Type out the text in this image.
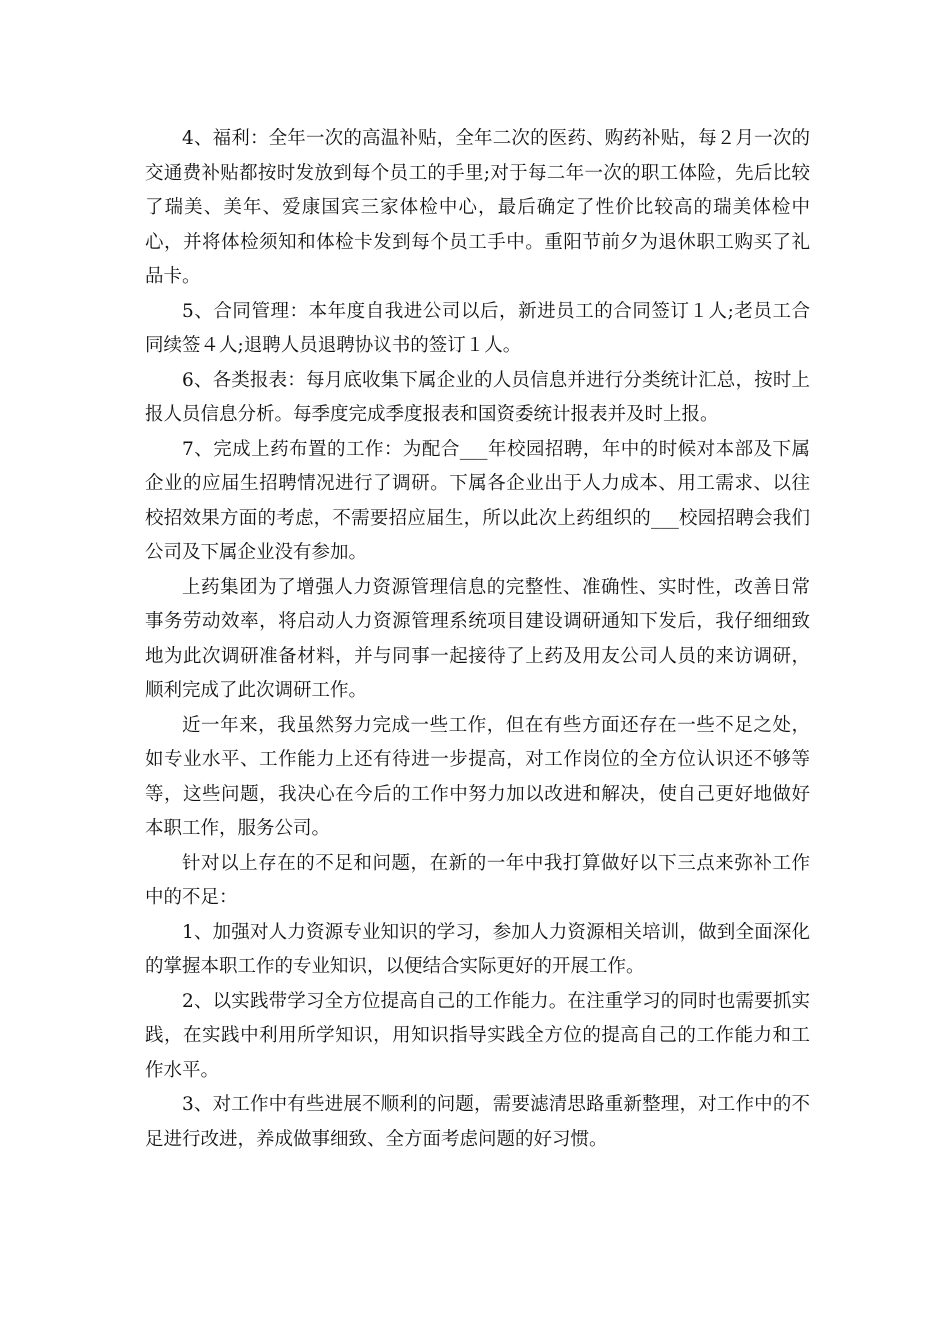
4、福利：全年一次的高温补贴，全年二次的医药、购药补贴，每２月一次的交通费补贴都按时发放到每个员工的手里;对于每二年一次的职工体险，先后比较了瑞美、美年、爱康国宾三家体检中心，最后确定了性价比较高的瑞美体检中心，并将体检须知和体检卡发到每个员工手中。重阳节前夕为退休职工购买了礼品卡。

5、合同管理：本年度自我进公司以后，新进员工的合同签订１人;老员工合同续签４人;退聘人员退聘协议书的签订１人。

6、各类报表：每月底收集下属企业的人员信息并进行分类统计汇总，按时上报人员信息分析。每季度完成季度报表和国资委统计报表并及时上报。

7、完成上药布置的工作：为配合___年校园招聘，年中的时候对本部及下属企业的应届生招聘情况进行了调研。下属各企业出于人力成本、用工需求、以往校招效果方面的考虑，不需要招应届生，所以此次上药组织的___校园招聘会我们公司及下属企业没有参加。

上药集团为了增强人力资源管理信息的完整性、准确性、实时性，改善日常事务劳动效率，将启动人力资源管理系统项目建设调研通知下发后，我仔细细致地为此次调研准备材料，并与同事一起接待了上药及用友公司人员的来访调研，顺利完成了此次调研工作。

近一年来，我虽然努力完成一些工作，但在有些方面还存在一些不足之处，如专业水平、工作能力上还有待进一步提高，对工作岗位的全方位认识还不够等等，这些问题，我决心在今后的工作中努力加以改进和解决，使自己更好地做好本职工作，服务公司。

针对以上存在的不足和问题，在新的一年中我打算做好以下三点来弥补工作中的不足：

1、加强对人力资源专业知识的学习，参加人力资源相关培训，做到全面深化的掌握本职工作的专业知识，以便结合实际更好的开展工作。

2、以实践带学习全方位提高自己的工作能力。在注重学习的同时也需要抓实践，在实践中利用所学知识，用知识指导实践全方位的提高自己的工作能力和工作水平。

3、对工作中有些进展不顺利的问题，需要滤清思路重新整理，对工作中的不足进行改进，养成做事细致、全方面考虑问题的好习惯。
